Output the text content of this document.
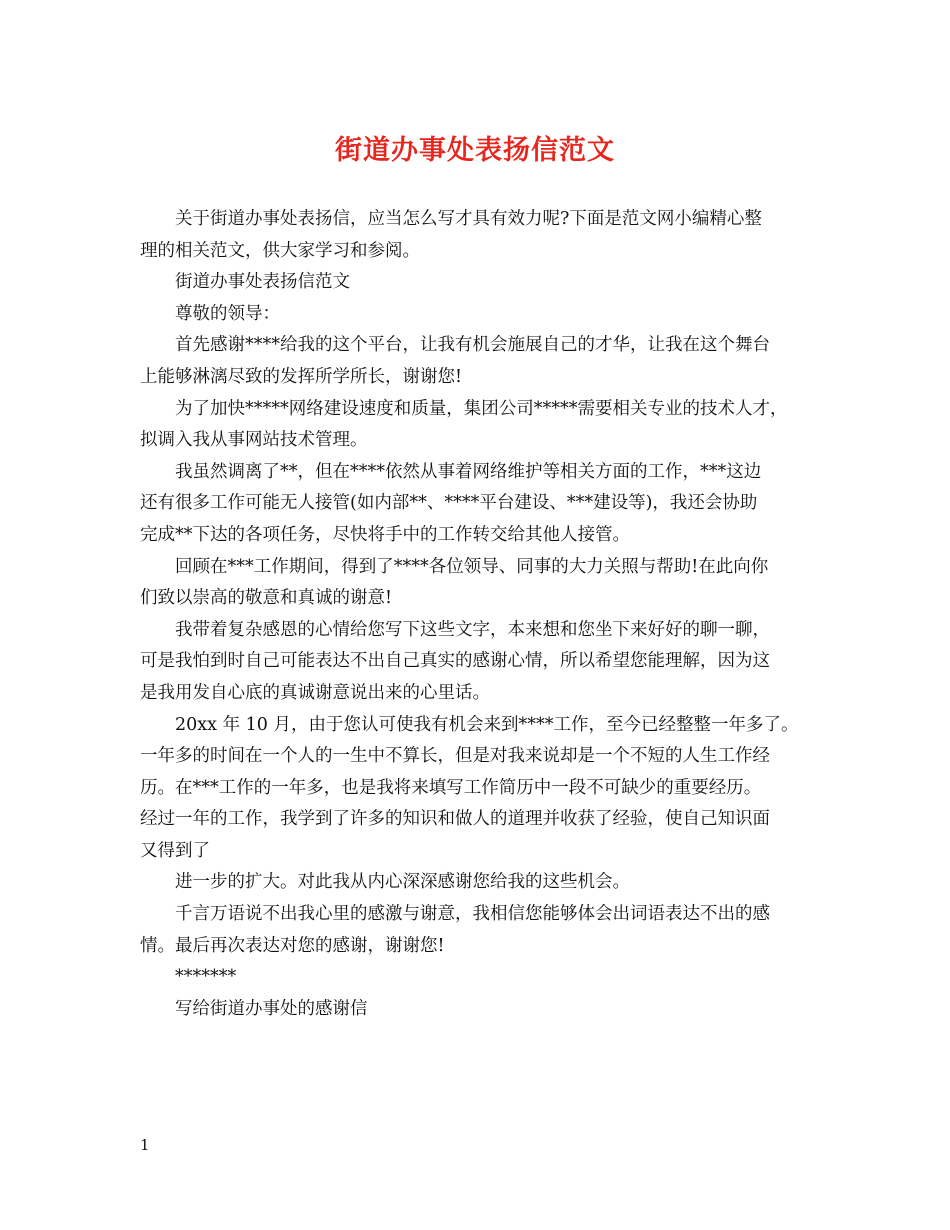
街道办事处表扬信范文
关于街道办事处表扬信，应当怎么写才具有效力呢?下面是范文网小编精心整
理的相关范文，供大家学习和参阅。
街道办事处表扬信范文
尊敬的领导：
首先感谢****给我的这个平台，让我有机会施展自己的才华，让我在这个舞台
上能够淋漓尽致的发挥所学所长，谢谢您!
为了加快*****网络建设速度和质量，集团公司*****需要相关专业的技术人才，
拟调入我从事网站技术管理。
我虽然调离了**，但在****依然从事着网络维护等相关方面的工作，***这边
还有很多工作可能无人接管(如内部**、****平台建设、***建设等)，我还会协助
完成**下达的各项任务，尽快将手中的工作转交给其他人接管。
回顾在***工作期间，得到了****各位领导、同事的大力关照与帮助!在此向你
们致以崇高的敬意和真诚的谢意!
我带着复杂感恩的心情给您写下这些文字，本来想和您坐下来好好的聊一聊，
可是我怕到时自己可能表达不出自己真实的感谢心情，所以希望您能理解，因为这
是我用发自心底的真诚谢意说出来的心里话。
20xx 年 10 月，由于您认可使我有机会来到****工作，至今已经整整一年多了。
一年多的时间在一个人的一生中不算长，但是对我来说却是一个不短的人生工作经
历。在***工作的一年多，也是我将来填写工作简历中一段不可缺少的重要经历。
经过一年的工作，我学到了许多的知识和做人的道理并收获了经验，使自己知识面
又得到了
进一步的扩大。对此我从内心深深感谢您给我的这些机会。
千言万语说不出我心里的感激与谢意，我相信您能够体会出词语表达不出的感
情。最后再次表达对您的感谢，谢谢您!
*******
写给街道办事处的感谢信
1
